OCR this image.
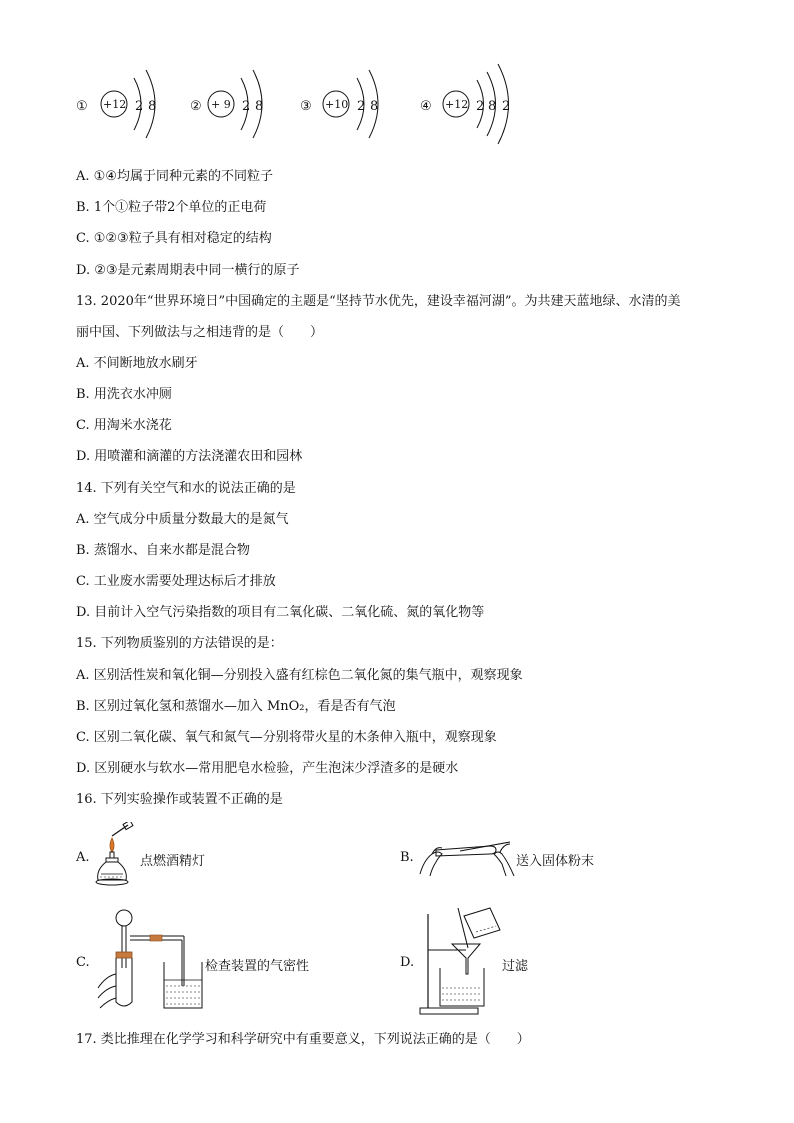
① +12 2 8	② + 9 2 8	③ +10 2 8	④ +12 2 8 2
A. ①④均属于同种元素的不同粒子
B. 1个①粒子带2个单位的正电荷
C. ①②③粒子具有相对稳定的结构
D. ②③是元素周期表中同一横行的原子
13. 2020年“世界环境日”中国确定的主题是“坚持节水优先，建设幸福河湖”。为共建天蓝地绿、水清的美
丽中国、下列做法与之相违背的是（　　）
A. 不间断地放水刷牙
B. 用洗衣水冲厕
C. 用淘米水浇花
D. 用喷灌和滴灌的方法浇灌农田和园林
14. 下列有关空气和水的说法正确的是
A. 空气成分中质量分数最大的是氮气
B. 蒸馏水、自来水都是混合物
C. 工业废水需要处理达标后才排放
D. 目前计入空气污染指数的项目有二氧化碳、二氧化硫、氮的氧化物等
15. 下列物质鉴别的方法错误的是：
A. 区别活性炭和氧化铜—分别投入盛有红棕色二氧化氮的集气瓶中，观察现象
B. 区别过氧化氢和蒸馏水—加入 MnO₂，看是否有气泡
C. 区别二氧化碳、氧气和氮气—分别将带火星的木条伸入瓶中，观察现象
D. 区别硬水与软水—常用肥皂水检验，产生泡沫少浮渣多的是硬水
16. 下列实验操作或装置不正确的是
A.	点燃酒精灯	B.	送入固体粉末
C.	检查装置的气密性	D.	过滤
17. 类比推理在化学学习和科学研究中有重要意义，下列说法正确的是（　　）
